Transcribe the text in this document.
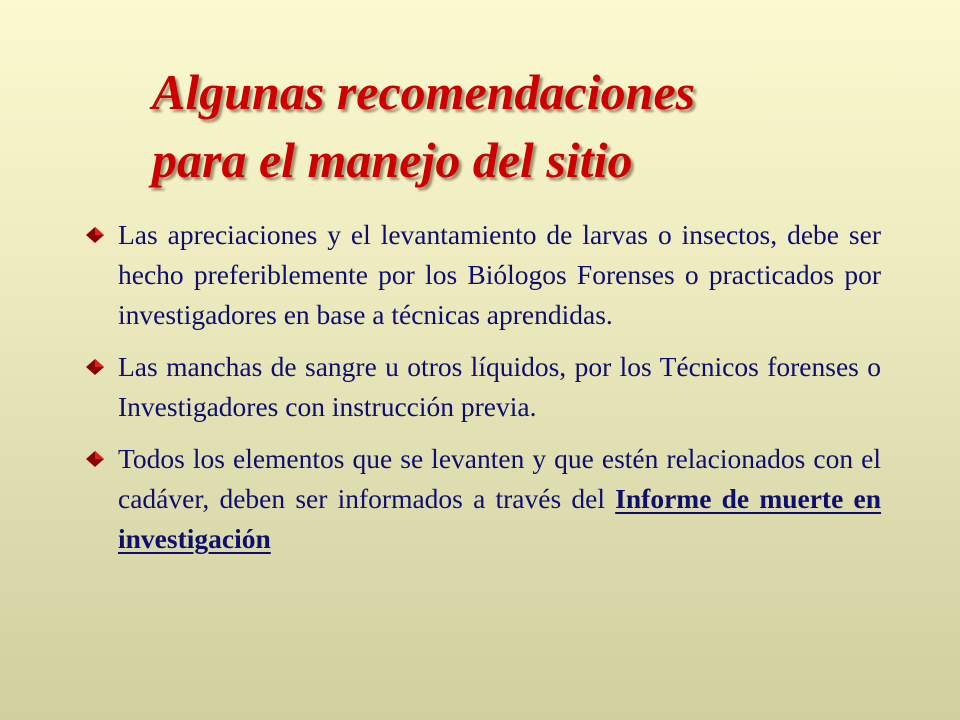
Algunas recomendaciones
para el manejo del sitio
Las apreciaciones y el levantamiento de larvas o insectos, debe ser hecho preferiblemente por los Biólogos Forenses o practicados por investigadores en base a técnicas aprendidas.
Las manchas de sangre u otros líquidos, por los Técnicos forenses o Investigadores con instrucción previa.
Todos los elementos que se levanten y que estén relacionados con el cadáver, deben ser informados a través del Informe de muerte en investigación
